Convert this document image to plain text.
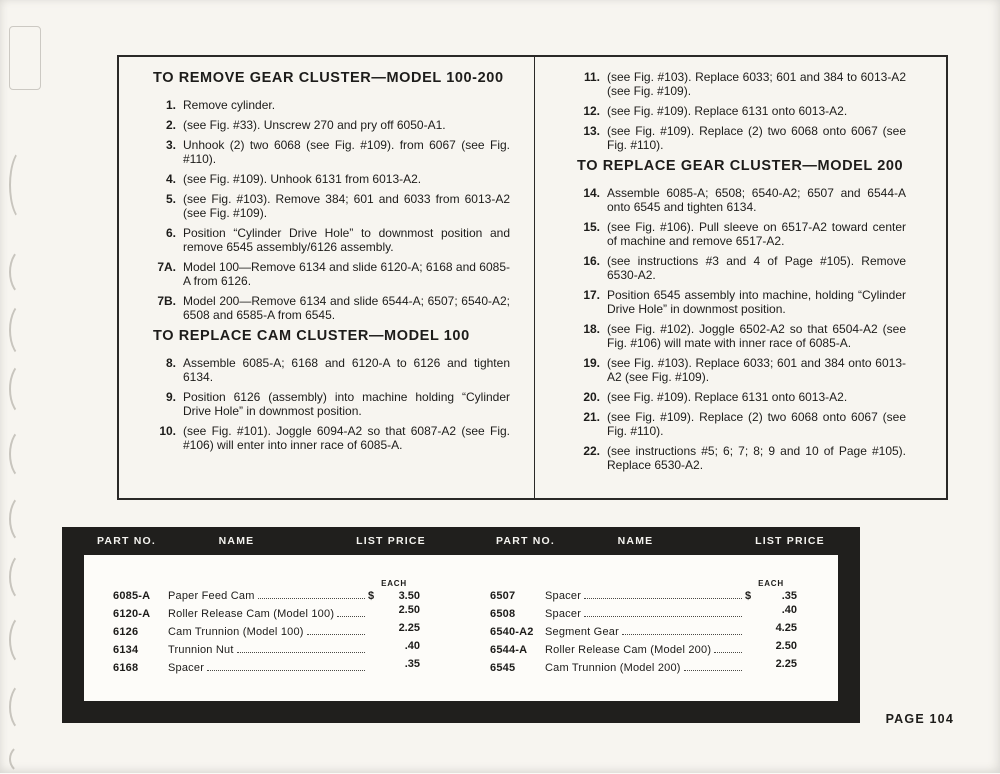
TO REMOVE GEAR CLUSTER—MODEL 100-200
1. Remove cylinder.
2. (see Fig. #33). Unscrew 270 and pry off 6050-A1.
3. Unhook (2) two 6068 (see Fig. #109). from 6067 (see Fig. #110).
4. (see Fig. #109). Unhook 6131 from 6013-A2.
5. (see Fig. #103). Remove 384; 601 and 6033 from 6013-A2 (see Fig. #109).
6. Position “Cylinder Drive Hole” to downmost position and remove 6545 assembly/6126 assembly.
7A. Model 100—Remove 6134 and slide 6120-A; 6168 and 6085-A from 6126.
7B. Model 200—Remove 6134 and slide 6544-A; 6507; 6540-A2; 6508 and 6585-A from 6545.
TO REPLACE CAM CLUSTER—MODEL 100
8. Assemble 6085-A; 6168 and 6120-A to 6126 and tighten 6134.
9. Position 6126 (assembly) into machine holding “Cylinder Drive Hole” in downmost position.
10. (see Fig. #101). Joggle 6094-A2 so that 6087-A2 (see Fig. #106) will enter into inner race of 6085-A.
11. (see Fig. #103). Replace 6033; 601 and 384 to 6013-A2 (see Fig. #109).
12. (see Fig. #109). Replace 6131 onto 6013-A2.
13. (see Fig. #109). Replace (2) two 6068 onto 6067 (see Fig. #110).
TO REPLACE GEAR CLUSTER—MODEL 200
14. Assemble 6085-A; 6508; 6540-A2; 6507 and 6544-A onto 6545 and tighten 6134.
15. (see Fig. #106). Pull sleeve on 6517-A2 toward center of machine and remove 6517-A2.
16. (see instructions #3 and 4 of Page #105). Remove 6530-A2.
17. Position 6545 assembly into machine, holding “Cylinder Drive Hole” in downmost position.
18. (see Fig. #102). Joggle 6502-A2 so that 6504-A2 (see Fig. #106) will mate with inner race of 6085-A.
19. (see Fig. #103). Replace 6033; 601 and 384 onto 6013-A2 (see Fig. #109).
20. (see Fig. #109). Replace 6131 onto 6013-A2.
21. (see Fig. #109). Replace (2) two 6068 onto 6067 (see Fig. #110).
22. (see instructions #5; 6; 7; 8; 9 and 10 of Page #105). Replace 6530-A2.
PART NO.	NAME	LIST PRICE	PART NO.	NAME	LIST PRICE
EACH
6085-A	Paper Feed Cam	$ 3.50
6120-A	Roller Release Cam (Model 100)	2.50
6126	Cam Trunnion (Model 100)	2.25
6134	Trunnion Nut	.40
6168	Spacer	.35
EACH
6507	Spacer	$	.35
6508	Spacer	.40
6540-A2	Segment Gear	4.25
6544-A	Roller Release Cam (Model 200)	2.50
6545	Cam Trunnion (Model 200)	2.25
PAGE 104
